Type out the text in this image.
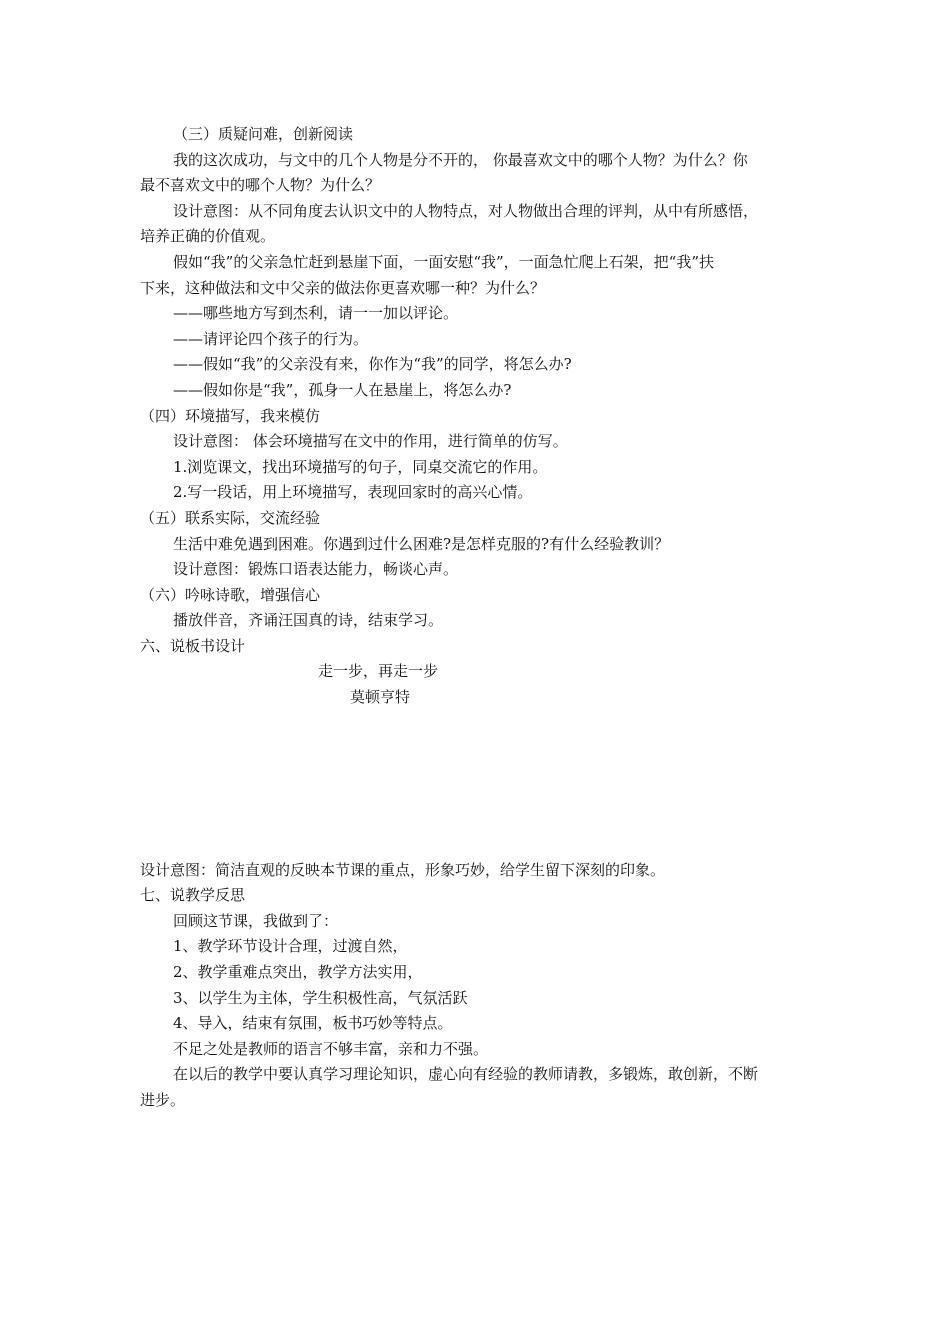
（三）质疑问难，创新阅读
我的这次成功，与文中的几个人物是分不开的， 你最喜欢文中的哪个人物？为什么？你
最不喜欢文中的哪个人物？为什么？
设计意图：从不同角度去认识文中的人物特点，对人物做出合理的评判，从中有所感悟，
培养正确的价值观。
假如“我”的父亲急忙赶到悬崖下面，一面安慰“我”，一面急忙爬上石架，把“我”扶
下来，这种做法和文中父亲的做法你更喜欢哪一种？为什么？
——哪些地方写到杰利，请一一加以评论。
——请评论四个孩子的行为。
——假如“我”的父亲没有来，你作为“我”的同学，将怎么办?
——假如你是“我”，孤身一人在悬崖上，将怎么办?
（四）环境描写，我来模仿
设计意图： 体会环境描写在文中的作用，进行简单的仿写。
1.浏览课文，找出环境描写的句子，同桌交流它的作用。
2.写一段话，用上环境描写，表现回家时的高兴心情。
（五）联系实际，交流经验
生活中难免遇到困难。你遇到过什么困难?是怎样克服的?有什么经验教训？
设计意图：锻炼口语表达能力，畅谈心声。
（六）吟咏诗歌，增强信心
播放伴音，齐诵汪国真的诗，结束学习。
六、说板书设计
走一步，再走一步
莫顿亨特
设计意图：简洁直观的反映本节课的重点，形象巧妙，给学生留下深刻的印象。
七、说教学反思
回顾这节课，我做到了：
1、教学环节设计合理，过渡自然，
2、教学重难点突出，教学方法实用，
3、以学生为主体，学生积极性高，气氛活跃
4、导入，结束有氛围，板书巧妙等特点。
不足之处是教师的语言不够丰富，亲和力不强。
在以后的教学中要认真学习理论知识，虚心向有经验的教师请教，多锻炼，敢创新，不断
进步。
